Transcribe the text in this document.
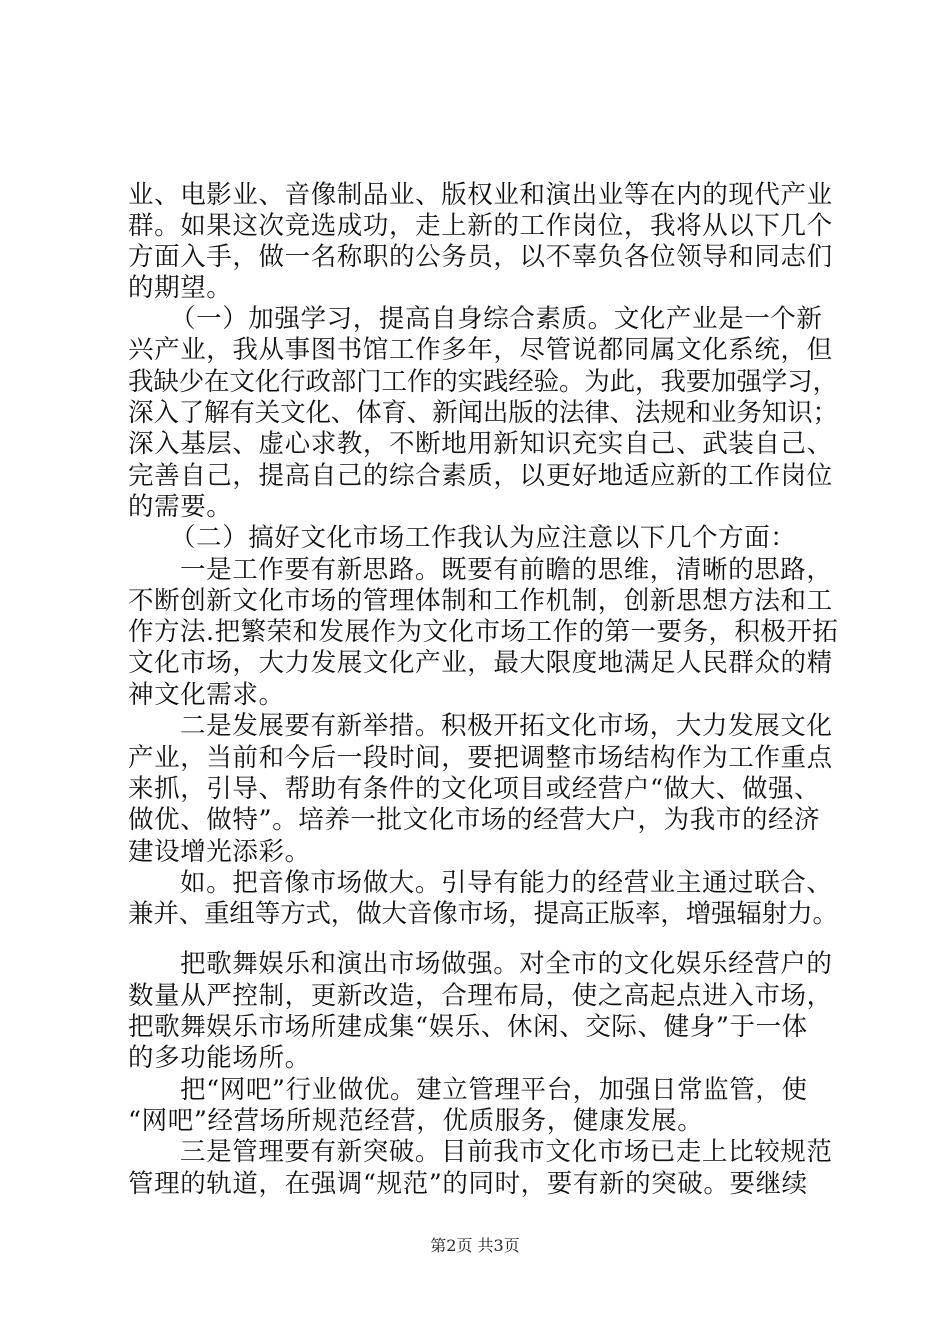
业、电影业、音像制品业、版权业和演出业等在内的现代产业
群。如果这次竞选成功，走上新的工作岗位，我将从以下几个
方面入手，做一名称职的公务员，以不辜负各位领导和同志们
的期望。
（一）加强学习，提高自身综合素质。文化产业是一个新
兴产业，我从事图书馆工作多年，尽管说都同属文化系统，但
我缺少在文化行政部门工作的实践经验。为此，我要加强学习，
深入了解有关文化、体育、新闻出版的法律、法规和业务知识；
深入基层、虚心求教，不断地用新知识充实自己、武装自己、
完善自己，提高自己的综合素质，以更好地适应新的工作岗位
的需要。
（二）搞好文化市场工作我认为应注意以下几个方面：
一是工作要有新思路。既要有前瞻的思维，清晰的思路，
不断创新文化市场的管理体制和工作机制，创新思想方法和工
作方法.把繁荣和发展作为文化市场工作的第一要务，积极开拓
文化市场，大力发展文化产业，最大限度地满足人民群众的精
神文化需求。
二是发展要有新举措。积极开拓文化市场，大力发展文化
产业，当前和今后一段时间，要把调整市场结构作为工作重点
来抓，引导、帮助有条件的文化项目或经营户“做大、做强、
做优、做特”。培养一批文化市场的经营大户，为我市的经济
建设增光添彩。
如。把音像市场做大。引导有能力的经营业主通过联合、
兼并、重组等方式，做大音像市场，提高正版率，增强辐射力。
把歌舞娱乐和演出市场做强。对全市的文化娱乐经营户的
数量从严控制，更新改造，合理布局，使之高起点进入市场，
把歌舞娱乐市场所建成集“娱乐、休闲、交际、健身”于一体
的多功能场所。
把“网吧”行业做优。建立管理平台，加强日常监管，使
“网吧”经营场所规范经营，优质服务，健康发展。
三是管理要有新突破。目前我市文化市场已走上比较规范
管理的轨道，在强调“规范”的同时，要有新的突破。要继续
第2页 共3页
